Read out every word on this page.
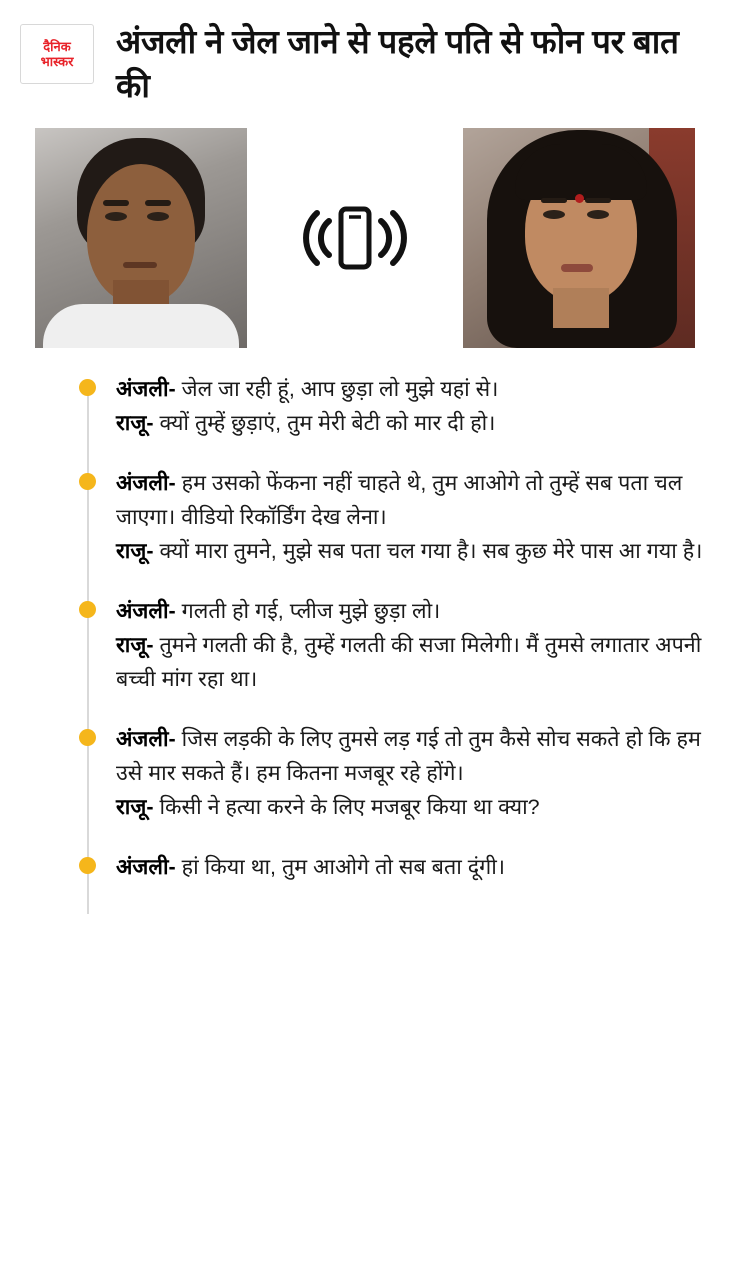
दैनिक
भास्कर
अंजली ने जेल जाने से पहले पति से फोन पर बात की
अंजली- जेल जा रही हूं, आप छुड़ा लो मुझे यहां से।
राजू- क्यों तुम्हें छुड़ाएं, तुम मेरी बेटी को मार दी हो।
अंजली- हम उसको फेंकना नहीं चाहते थे, तुम आओगे तो तुम्हें सब पता चल जाएगा। वीडियो रिकॉर्डिंग देख लेना।
राजू- क्यों मारा तुमने, मुझे सब पता चल गया है। सब कुछ मेरे पास आ गया है।
अंजली- गलती हो गई, प्लीज मुझे छुड़ा लो।
राजू- तुमने गलती की है, तुम्हें गलती की सजा मिलेगी। मैं तुमसे लगातार अपनी बच्ची मांग रहा था।
अंजली- जिस लड़की के लिए तुमसे लड़ गई तो तुम कैसे सोच सकते हो कि हम उसे मार सकते हैं। हम कितना मजबूर रहे होंगे।
राजू- किसी ने हत्या करने के लिए मजबूर किया था क्या?
अंजली- हां किया था, तुम आओगे तो सब बता दूंगी।
